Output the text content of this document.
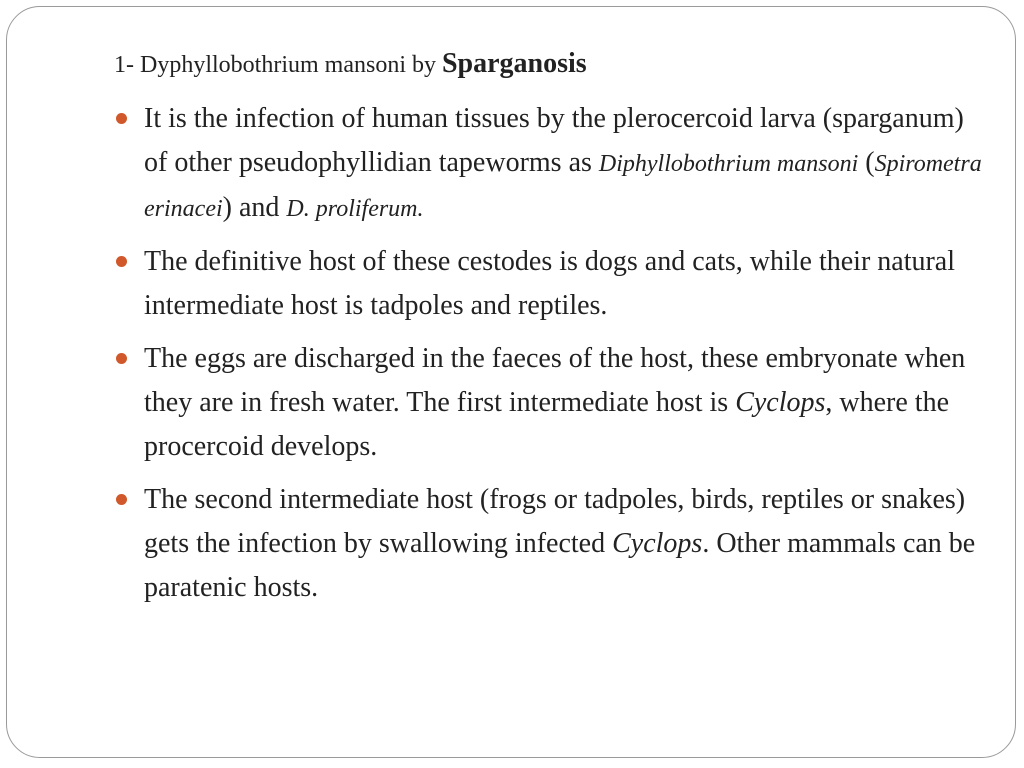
1- Dyphyllobothrium mansoni by Sparganosis
It is the infection of human tissues by the plerocercoid larva (sparganum) of other pseudophyllidian tapeworms as Diphyllobothrium mansoni (Spirometra erinacei) and D. proliferum.
The definitive host of these cestodes is dogs and cats, while their natural intermediate host is tadpoles and reptiles.
The eggs are discharged in the faeces of the host, these embryonate when they are in fresh water. The first intermediate host is Cyclops, where the procercoid develops.
The second intermediate host (frogs or tadpoles, birds, reptiles or snakes) gets the infection by swallowing infected Cyclops. Other mammals can be paratenic hosts.
